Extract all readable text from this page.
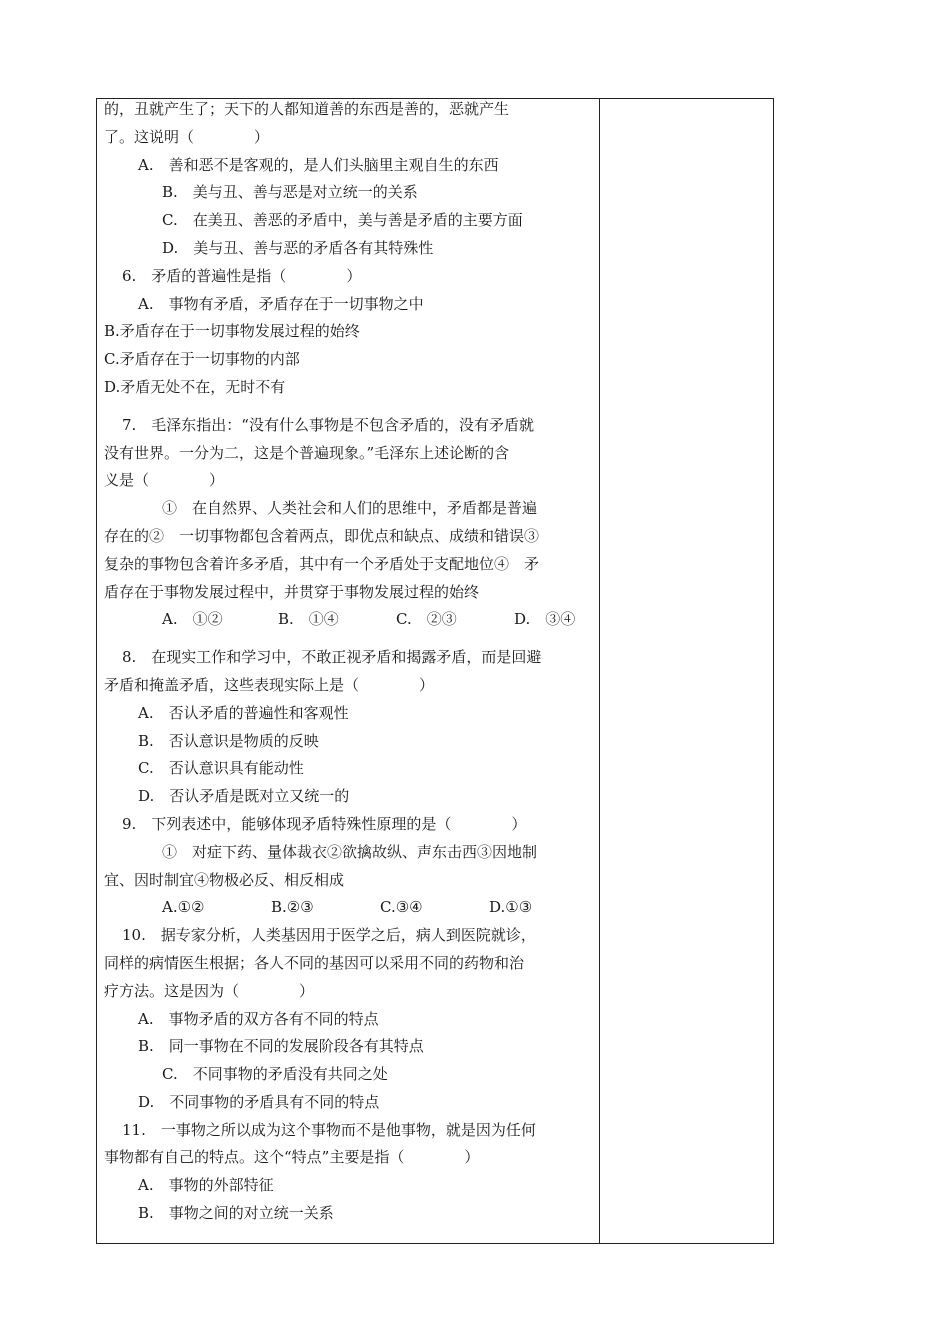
的，丑就产生了；天下的人都知道善的东西是善的，恶就产生
了。这说明（　　　　）
A.　善和恶不是客观的，是人们头脑里主观自生的东西
B.　美与丑、善与恶是对立统一的关系
C.　在美丑、善恶的矛盾中，美与善是矛盾的主要方面
D.　美与丑、善与恶的矛盾各有其特殊性
6.　矛盾的普遍性是指（　　　　）
A.　事物有矛盾，矛盾存在于一切事物之中
B.矛盾存在于一切事物发展过程的始终
C.矛盾存在于一切事物的内部
D.矛盾无处不在，无时不有
7.　毛泽东指出：“没有什么事物是不包含矛盾的，没有矛盾就
没有世界。一分为二，这是个普遍现象。”毛泽东上述论断的含
义是（　　　　）
①　在自然界、人类社会和人们的思维中，矛盾都是普遍
存在的②　一切事物都包含着两点，即优点和缺点、成绩和错误③
复杂的事物包含着许多矛盾，其中有一个矛盾处于支配地位④　矛
盾存在于事物发展过程中，并贯穿于事物发展过程的始终
A.　①②	B.　①④	C.　②③	D.　③④
8.　在现实工作和学习中，不敢正视矛盾和揭露矛盾，而是回避
矛盾和掩盖矛盾，这些表现实际上是（　　　　）
A.　否认矛盾的普遍性和客观性
B.　否认意识是物质的反映
C.　否认意识具有能动性
D.　否认矛盾是既对立又统一的
9.　下列表述中，能够体现矛盾特殊性原理的是（　　　　）
①　对症下药、量体裁衣②欲擒故纵、声东击西③因地制
宜、因时制宜④物极必反、相反相成
A.①②	B.②③	C.③④	D.①③
10.　据专家分析，人类基因用于医学之后，病人到医院就诊，
同样的病情医生根据；各人不同的基因可以采用不同的药物和治
疗方法。这是因为（　　　　）
A.　事物矛盾的双方各有不同的特点
B.　同一事物在不同的发展阶段各有其特点
C.　不同事物的矛盾没有共同之处
D.　不同事物的矛盾具有不同的特点
11.　一事物之所以成为这个事物而不是他事物，就是因为任何
事物都有自己的特点。这个“特点”主要是指（　　　　）
A.　事物的外部特征
B.　事物之间的对立统一关系
